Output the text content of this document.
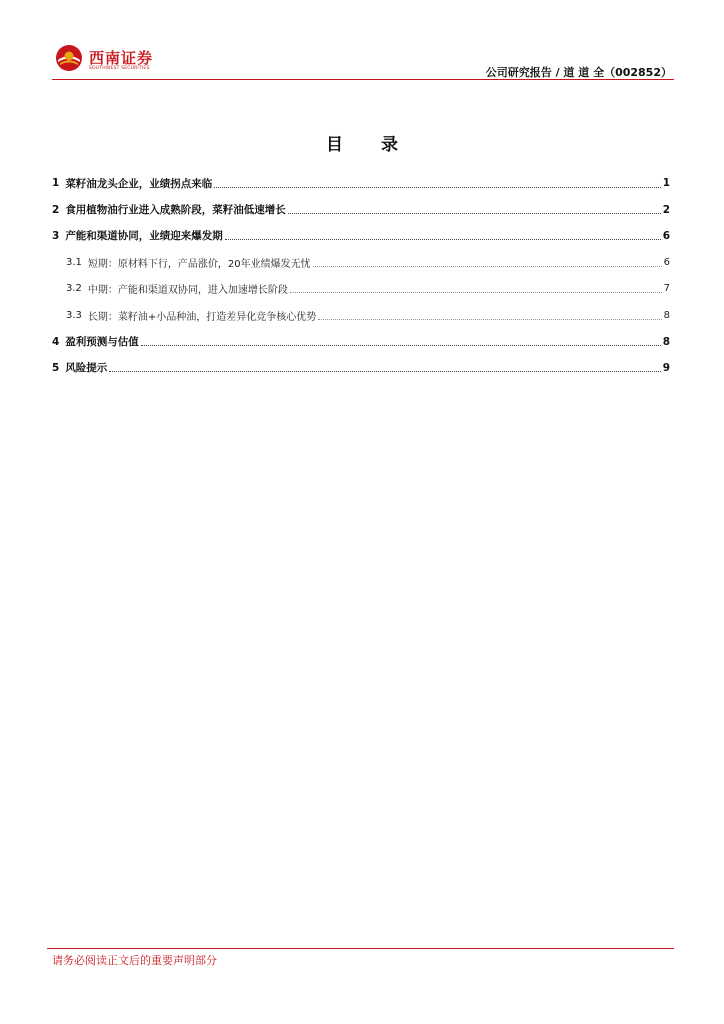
西南证券
SOUTHWEST SECURITIES	公司研究报告 / 道 道 全（002852）
目 录
1 菜籽油龙头企业，业绩拐点来临	1
2 食用植物油行业进入成熟阶段，菜籽油低速增长	2
3 产能和渠道协同，业绩迎来爆发期	6
3.1 短期：原材料下行，产品涨价，20年业绩爆发无忧	6
3.2 中期：产能和渠道双协同，进入加速增长阶段	7
3.3 长期：菜籽油+小品种油，打造差异化竞争核心优势	8
4 盈利预测与估值	8
5 风险提示	9
请务必阅读正文后的重要声明部分
